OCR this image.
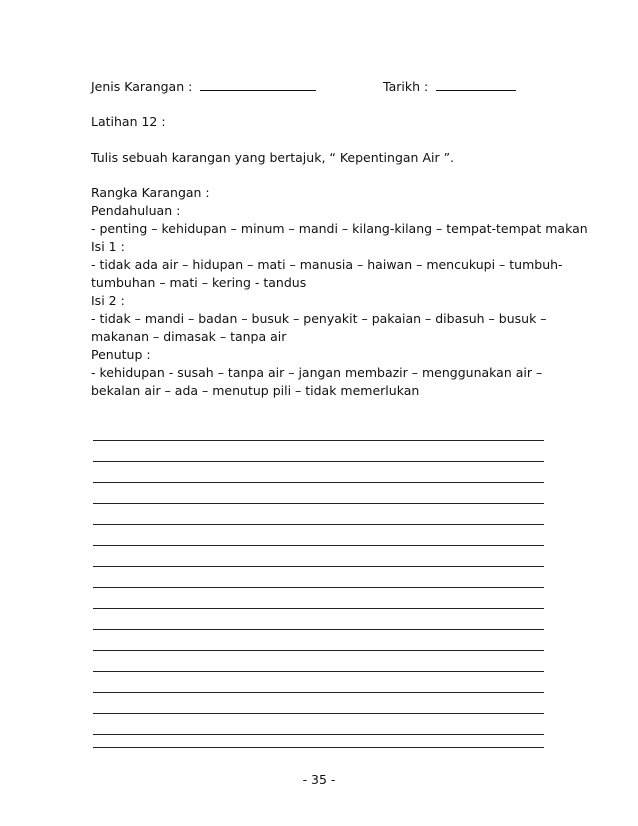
Jenis Karangan :	Tarikh :
Latihan 12 :
Tulis sebuah karangan yang bertajuk, “ Kepentingan Air ”.
Rangka Karangan :
Pendahuluan :
- penting – kehidupan – minum – mandi – kilang-kilang – tempat-tempat makan
Isi 1 :
- tidak ada air – hidupan – mati – manusia – haiwan – mencukupi – tumbuh-
tumbuhan – mati – kering - tandus
Isi 2 :
- tidak – mandi – badan – busuk – penyakit – pakaian – dibasuh – busuk –
makanan – dimasak – tanpa air
Penutup :
- kehidupan - susah – tanpa air – jangan membazir – menggunakan air –
bekalan air – ada – menutup pili – tidak memerlukan
- 35 -
